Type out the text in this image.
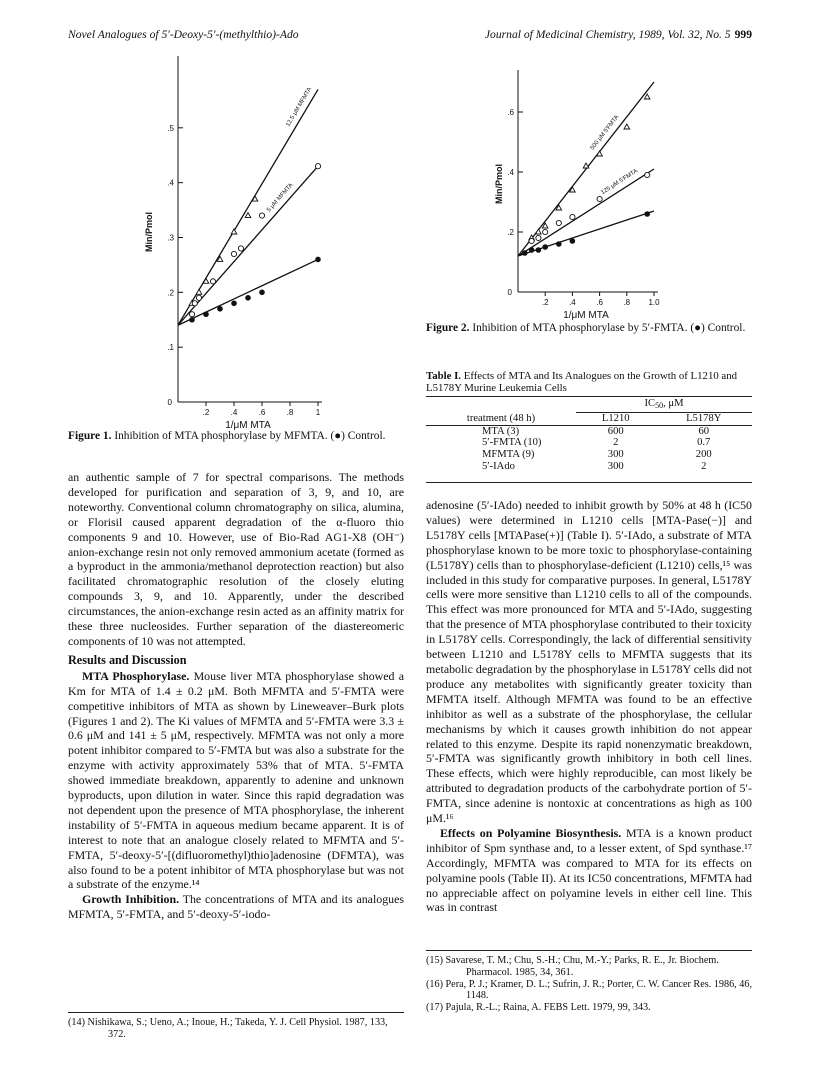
Novel Analogues of 5′-Deoxy-5′-(methylthio)-Ado	Journal of Medicinal Chemistry, 1989, Vol. 32, No. 5 999
.1
.2
.3
.4
.5
0
.2	.4	.6	.8	1
1/μM MTA
Min/Pmol
12.5 μM MFMTA
5 μM MFMTA
Figure 1. Inhibition of MTA phosphorylase by MFMTA. (●) Control.
.2
.4
.6
0
.2	.4	.6	.8 1.0
1/μM MTA
Min/Pmol
500 μM 5′FMTA
125 μM 5′FMTA
Figure 2. Inhibition of MTA phosphorylase by 5′-FMTA. (●) Control.
Table I. Effects of MTA and Its Analogues on the Growth of L1210 and L5178Y Murine Leukemia Cells
	$IC_{50}$, μM	
treatment (48 h)	L1210	L5178Y
MTA (3)	600	60
5′-FMTA (10)	2	0.7
MFMTA (9)	300	200
5′-IAdo	300	2

an authentic sample of 7 for spectral comparisons. The methods developed for purification and separation of 3, 9, and 10, are noteworthy. Conventional column chromatography on silica, alumina, or Florisil caused apparent degradation of the α-fluoro thio components 9 and 10. However, use of Bio-Rad AG1-X8 (OH⁻) anion-exchange resin not only removed ammonium acetate (formed as a byproduct in the ammonia/methanol deprotection reaction) but also facilitated chromatographic resolution of the closely eluting compounds 3, 9, and 10. Apparently, under the described circumstances, the anion-exchange resin acted as an affinity matrix for these three nucleosides. Further separation of the diastereomeric components of 10 was not attempted.

Results and Discussion

MTA Phosphorylase. Mouse liver MTA phosphorylase showed a Km for MTA of 1.4 ± 0.2 μM. Both MFMTA and 5′-FMTA were competitive inhibitors of MTA as shown by Lineweaver–Burk plots (Figures 1 and 2). The Ki values of MFMTA and 5′-FMTA were 3.3 ± 0.6 μM and 141 ± 5 μM, respectively. MFMTA was not only a more potent inhibitor compared to 5′-FMTA but was also a substrate for the enzyme with activity approximately 53% that of MTA. 5′-FMTA showed immediate breakdown, apparently to adenine and unknown byproducts, upon dilution in water. Since this rapid degradation was not dependent upon the presence of MTA phosphorylase, the inherent instability of 5′-FMTA in aqueous medium became apparent. It is of interest to note that an analogue closely related to MFMTA and 5′-FMTA, 5′-deoxy-5′-[(difluoromethyl)thio]adenosine (DFMTA), was also found to be a potent inhibitor of MTA phosphorylase but was not a substrate of the enzyme.¹⁴

Growth Inhibition. The concentrations of MTA and its analogues MFMTA, 5′-FMTA, and 5′-deoxy-5′-iodo-

adenosine (5′-IAdo) needed to inhibit growth by 50% at 48 h (IC50 values) were determined in L1210 cells [MTA-Pase(−)] and L5178Y cells [MTAPase(+)] (Table I). 5′-IAdo, a substrate of MTA phosphorylase known to be more toxic to phosphorylase-containing (L5178Y) cells than to phosphorylase-deficient (L1210) cells,¹⁵ was included in this study for comparative purposes. In general, L5178Y cells were more sensitive than L1210 cells to all of the compounds. This effect was more pronounced for MTA and 5′-IAdo, suggesting that the presence of MTA phosphorylase contributed to their toxicity in L5178Y cells. Correspondingly, the lack of differential sensitivity between L1210 and L5178Y cells to MFMTA suggests that its metabolic degradation by the phosphorylase in L5178Y cells did not produce any metabolites with significantly greater toxicity than MFMTA itself. Although MFMTA was found to be an effective inhibitor as well as a substrate of the phosphorylase, the cellular mechanisms by which it causes growth inhibition do not appear related to this enzyme. Despite its rapid nonenzymatic breakdown, 5′-FMTA was significantly growth inhibitory in both cell lines. These effects, which were highly reproducible, can most likely be attributed to degradation products of the carbohydrate portion of 5′-FMTA, since adenine is nontoxic at concentrations as high as 100 μM.¹⁶

Effects on Polyamine Biosynthesis. MTA is a known product inhibitor of Spm synthase and, to a lesser extent, of Spd synthase.¹⁷ Accordingly, MFMTA was compared to MTA for its effects on polyamine pools (Table II). At its IC50 concentrations, MFMTA had no appreciable affect on polyamine levels in either cell line. This was in contrast

(14) Nishikawa, S.; Ueno, A.; Inoue, H.; Takeda, Y. J. Cell Physiol. 1987, 133, 372.
(15) Savarese, T. M.; Chu, S.-H.; Chu, M.-Y.; Parks, R. E., Jr. Biochem. Pharmacol. 1985, 34, 361.
(16) Pera, P. J.; Kramer, D. L.; Sufrin, J. R.; Porter, C. W. Cancer Res. 1986, 46, 1148.
(17) Pajula, R.-L.; Raina, A. FEBS Lett. 1979, 99, 343.
